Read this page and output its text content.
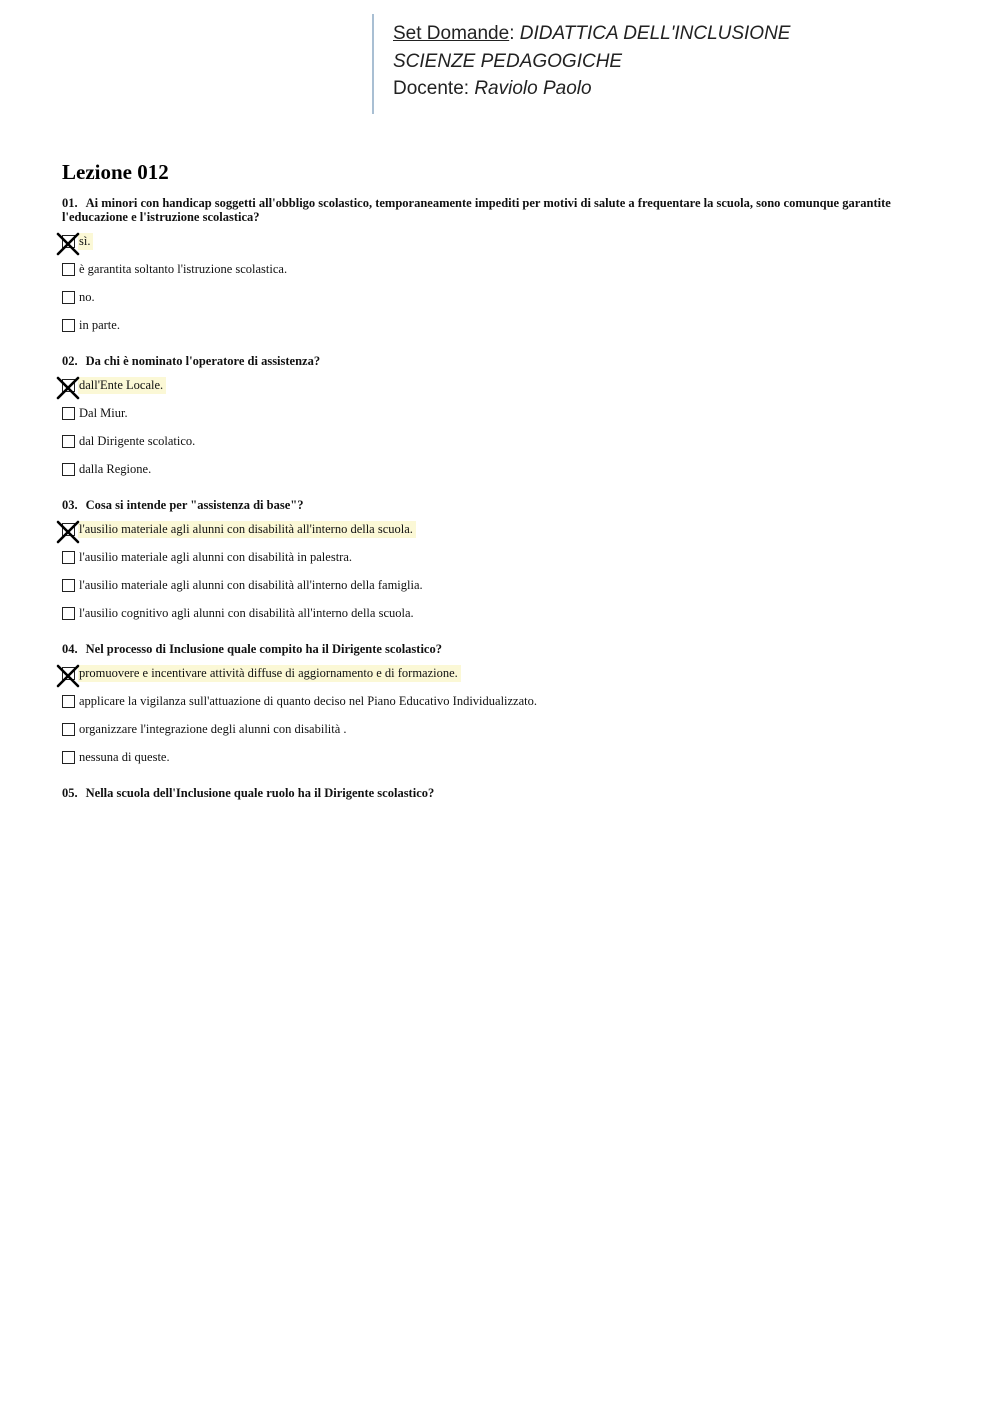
Set Domande: DIDATTICA DELL'INCLUSIONE
SCIENZE PEDAGOGICHE
Docente: Raviolo Paolo
Lezione 012

01. Ai minori con handicap soggetti all'obbligo scolastico, temporaneamente impediti per motivi di salute a frequentare la scuola, sono comunque garantite l'educazione e l'istruzione scolastica?

sì.
è garantita soltanto l'istruzione scolastica.
no.
in parte.

02. Da chi è nominato l'operatore di assistenza?

dall'Ente Locale.
Dal Miur.
dal Dirigente scolatico.
dalla Regione.

03. Cosa si intende per "assistenza di base"?

l'ausilio materiale agli alunni con disabilità all'interno della scuola.
l'ausilio materiale agli alunni con disabilità in palestra.
l'ausilio materiale agli alunni con disabilità all'interno della famiglia.
l'ausilio cognitivo agli alunni con disabilità all'interno della scuola.

04. Nel processo di Inclusione quale compito ha il Dirigente scolastico?

promuovere e incentivare attività diffuse di aggiornamento e di formazione.
applicare la vigilanza sull'attuazione di quanto deciso nel Piano Educativo Individualizzato.
organizzare l'integrazione degli alunni con disabilità .
nessuna di queste.

05. Nella scuola dell'Inclusione quale ruolo ha il Dirigente scolastico?
